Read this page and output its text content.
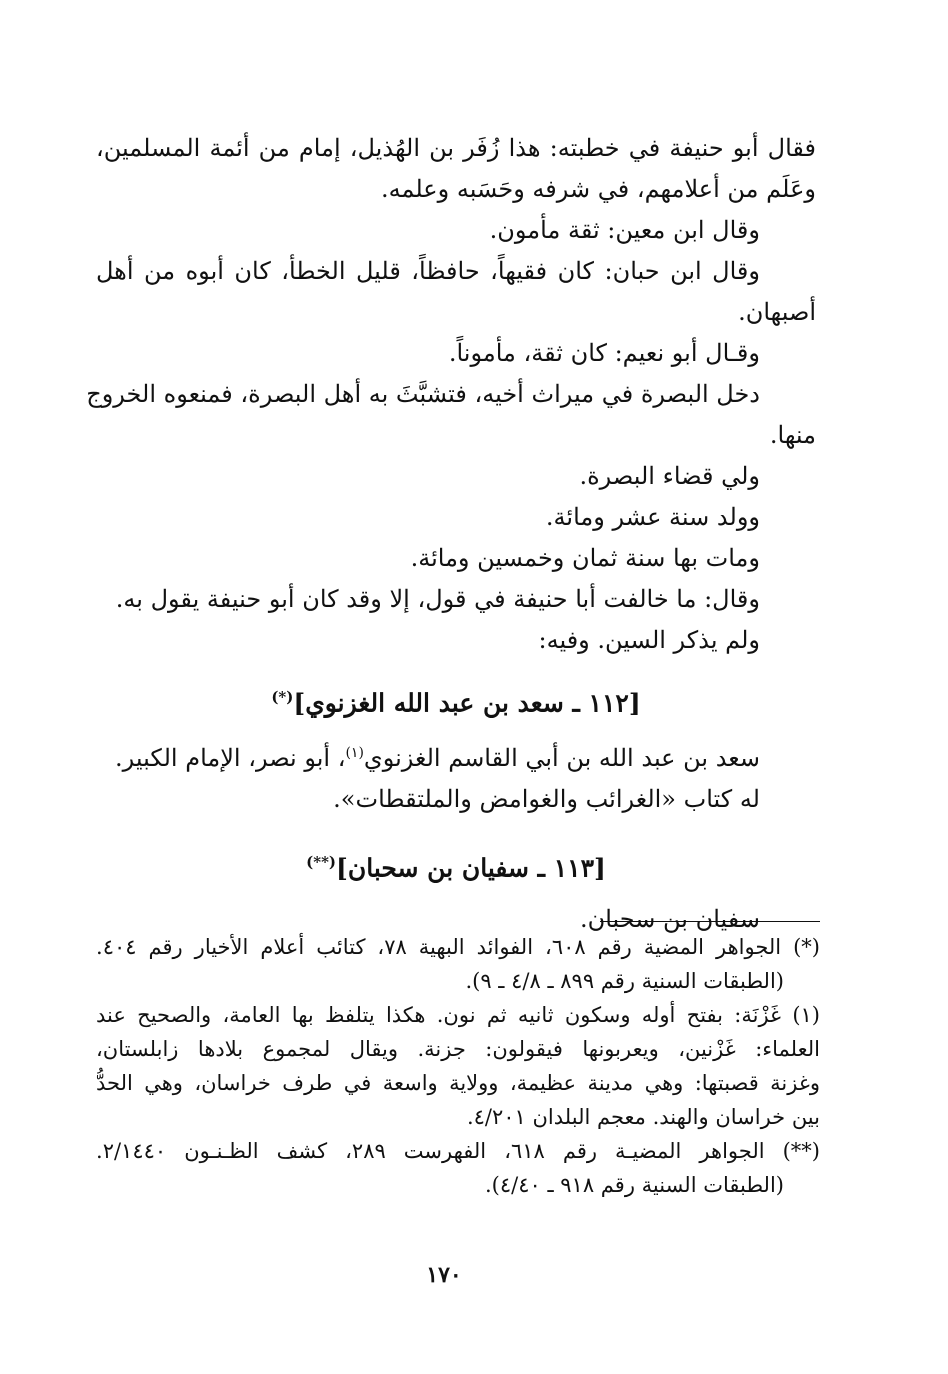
فقال أبو حنيفة في خطبته: هذا زُفَر بن الهُذيل، إمام من أئمة المسلمين،
وعَلَم من أعلامهم، في شرفه وحَسَبه وعلمه.
وقال ابن معين: ثقة مأمون.
وقال ابن حبان: كان فقيهاً، حافظاً، قليل الخطأ، كان أبوه من أهل
أصبهان.
وقـال أبو نعيم: كان ثقة، مأموناً.
دخل البصرة في ميراث أخيه، فتشبَّثَ به أهل البصرة، فمنعوه الخروج
منها.
ولي قضاء البصرة.
وولد سنة عشر ومائة.
ومات بها سنة ثمان وخمسين ومائة.
وقال: ما خالفت أبا حنيفة في قول، إلا وقد كان أبو حنيفة يقول به.
ولم يذكر السين. وفيه:
[١١٢ ـ سعد بن عبد الله الغزنوي](*)
سعد بن عبد الله بن أبي القاسم الغزنوي$^{(١)}$، أبو نصر، الإمام الكبير.
له كتاب «الغرائب والغوامض والملتقطات».
[١١٣ ـ سفيان بن سحبان](**)
سفيان بن سحبان.
(*) الجواهر المضية رقم ٦٠٨، الفوائد البهية ٧٨، كتائب أعلام الأخيار رقم ٤٠٤.
(الطبقات السنية رقم ٨٩٩ ـ ٤/٨ ـ ٩).
(١) غَزْنَة: بفتح أوله وسكون ثانيه ثم نون. هكذا يتلفظ بها العامة، والصحيح عند
العلماء: غَزْنين، ويعربونها فيقولون: جزنة. ويقال لمجموع بلادها زابلستان،
وغزنة قصبتها: وهي مدينة عظيمة، وولاية واسعة في طرف خراسان، وهي الحدُّ
بين خراسان والهند. معجم البلدان ٤/٢٠١.
(**) الجواهر المضيـة رقم ٦١٨، الفهرست ٢٨٩، كشف الظـنـون ٢/١٤٤٠.
(الطبقات السنية رقم ٩١٨ ـ ٤/٤٠).
١٧٠
